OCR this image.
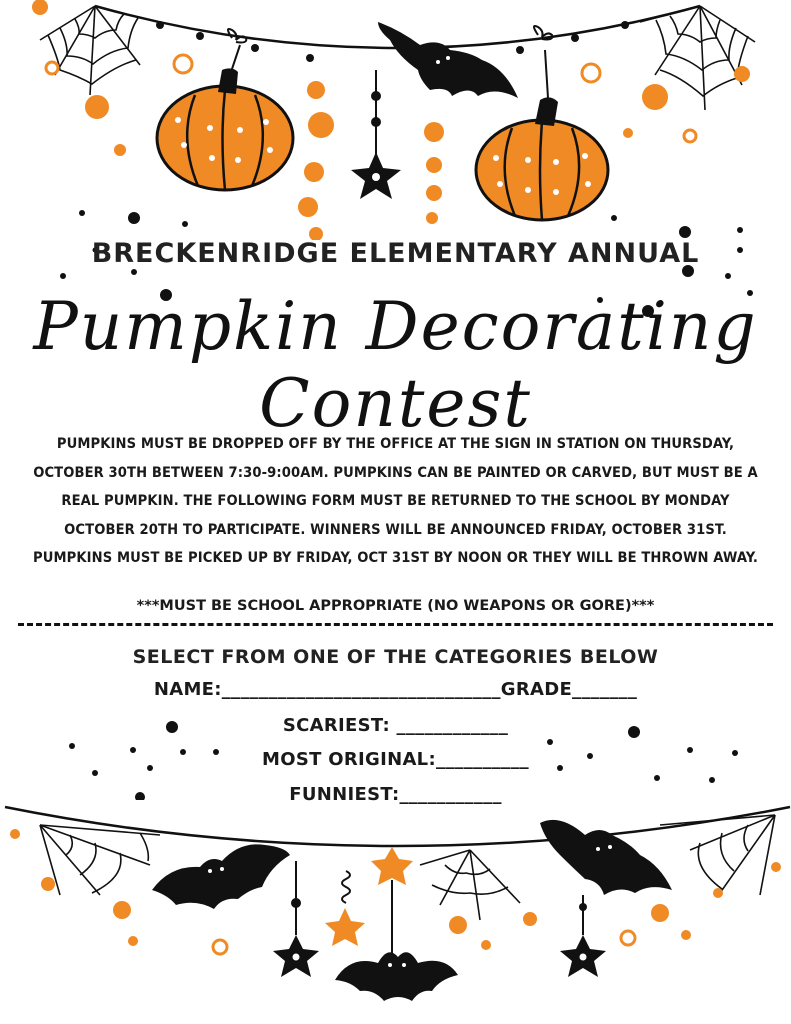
BRECKENRIDGE ELEMENTARY ANNUAL
Pumpkin Decorating Contest
PUMPKINS MUST BE DROPPED OFF BY THE OFFICE AT THE SIGN IN STATION ON THURSDAY, OCTOBER 30TH BETWEEN 7:30-9:00AM. PUMPKINS CAN BE PAINTED OR CARVED, BUT MUST BE A REAL PUMPKIN. THE FOLLOWING FORM MUST BE RETURNED TO THE SCHOOL BY MONDAY OCTOBER 20TH TO PARTICIPATE. WINNERS WILL BE ANNOUNCED FRIDAY, OCTOBER 31ST. PUMPKINS MUST BE PICKED UP BY FRIDAY, OCT 31ST BY NOON OR THEY WILL BE THROWN AWAY.
***MUST BE SCHOOL APPROPRIATE (NO WEAPONS OR GORE)***
SELECT FROM ONE OF THE CATEGORIES BELOW
NAME:______________________________GRADE_______
SCARIEST: ____________
MOST ORIGINAL:__________
FUNNIEST:___________
